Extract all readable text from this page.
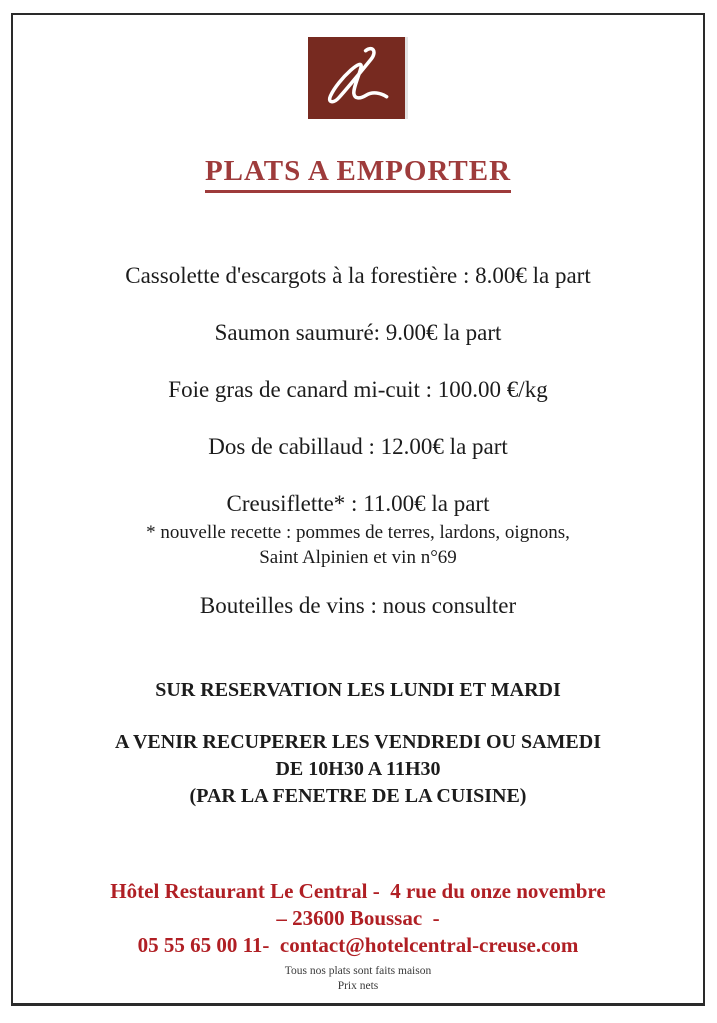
PLATS A EMPORTER
Cassolette d'escargots à la forestière : 8.00€ la part
Saumon saumuré: 9.00€ la part
Foie gras de canard mi-cuit : 100.00 €/kg
Dos de cabillaud : 12.00€ la part
Creusiflette* : 11.00€ la part
* nouvelle recette : pommes de terres, lardons, oignons,
Saint Alpinien et vin n°69
Bouteilles de vins : nous consulter
SUR RESERVATION LES LUNDI ET MARDI
A VENIR RECUPERER LES VENDREDI OU SAMEDI
DE 10H30 A 11H30
(PAR LA FENETRE DE LA CUISINE)
Hôtel Restaurant Le Central -  4 rue du onze novembre
– 23600 Boussac  -
05 55 65 00 11-  contact@hotelcentral-creuse.com
Tous nos plats sont faits maison
Prix nets
